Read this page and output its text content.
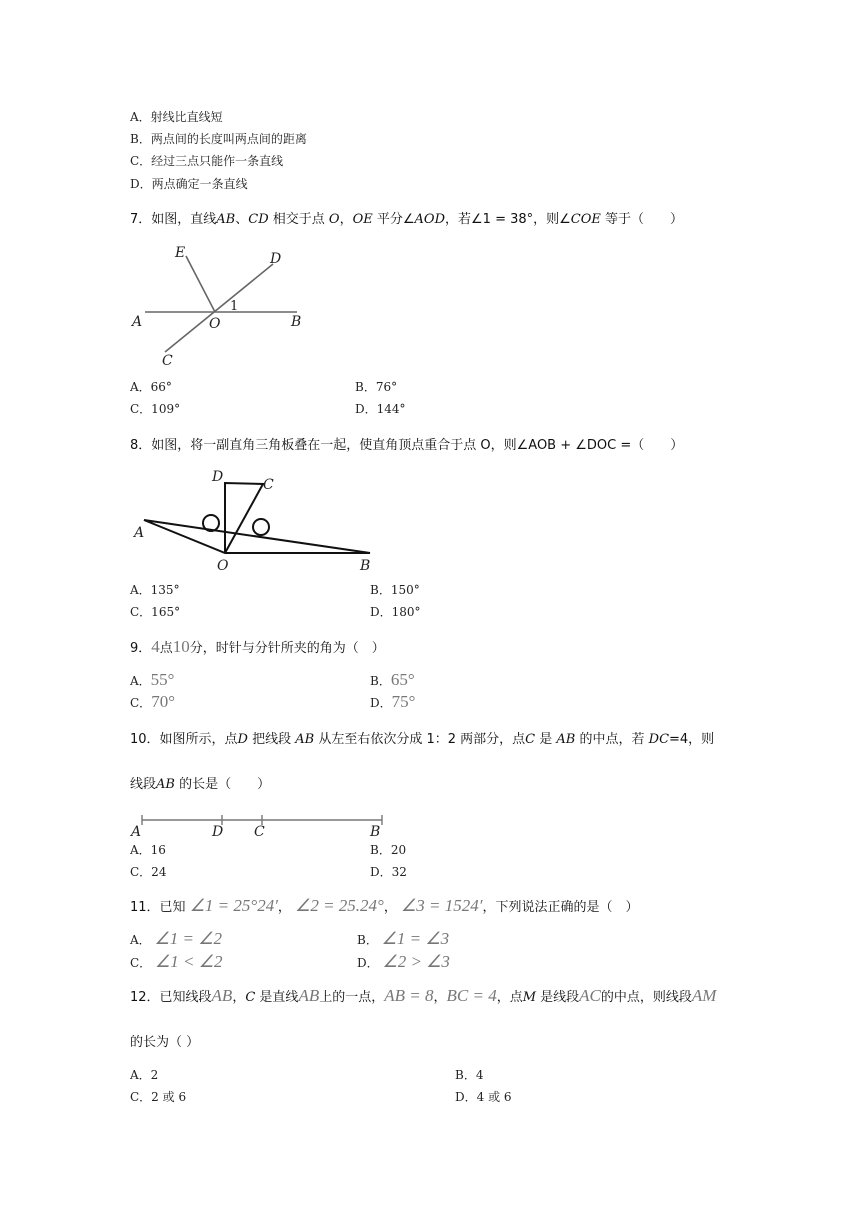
A．射线比直线短
B．两点间的长度叫两点间的距离
C．经过三点只能作一条直线
D．两点确定一条直线
7．如图，直线AB、CD 相交于点 O，OE 平分∠AOD，若∠1 = 38°，则∠COE 等于（　　）
E	D
A	O
1
B
C
A．66°	B．76°
C．109°	D．144°
8．如图，将一副直角三角板叠在一起，使直角顶点重合于点 O，则∠AOB + ∠DOC =（　　）
D	C
A
O	B
A．135°	B．150°
C．165°	D．180°
9．4点10分，时针与分针所夹的角为（　）
A．55°	B．65°
C．70°	D．75°
10．如图所示，点D 把线段 AB 从左至右依次分成 1：2 两部分，点C 是 AB 的中点，若 DC=4，则
线段AB 的长是（　　）
A	D C	B
A．16	B．20
C．24	D．32
11．已知 ∠1 = 25°24′， ∠2 = 25.24°， ∠3 = 1524′，下列说法正确的是（　）
A． ∠1 = ∠2	B． ∠1 = ∠3
C． ∠1 < ∠2	D． ∠2 > ∠3
12．已知线段AB，C 是直线AB上的一点，AB = 8，BC = 4，点M 是线段AC的中点，则线段AM
的长为（ ）
A．2	B．4
C．2 或 6	D．4 或 6
